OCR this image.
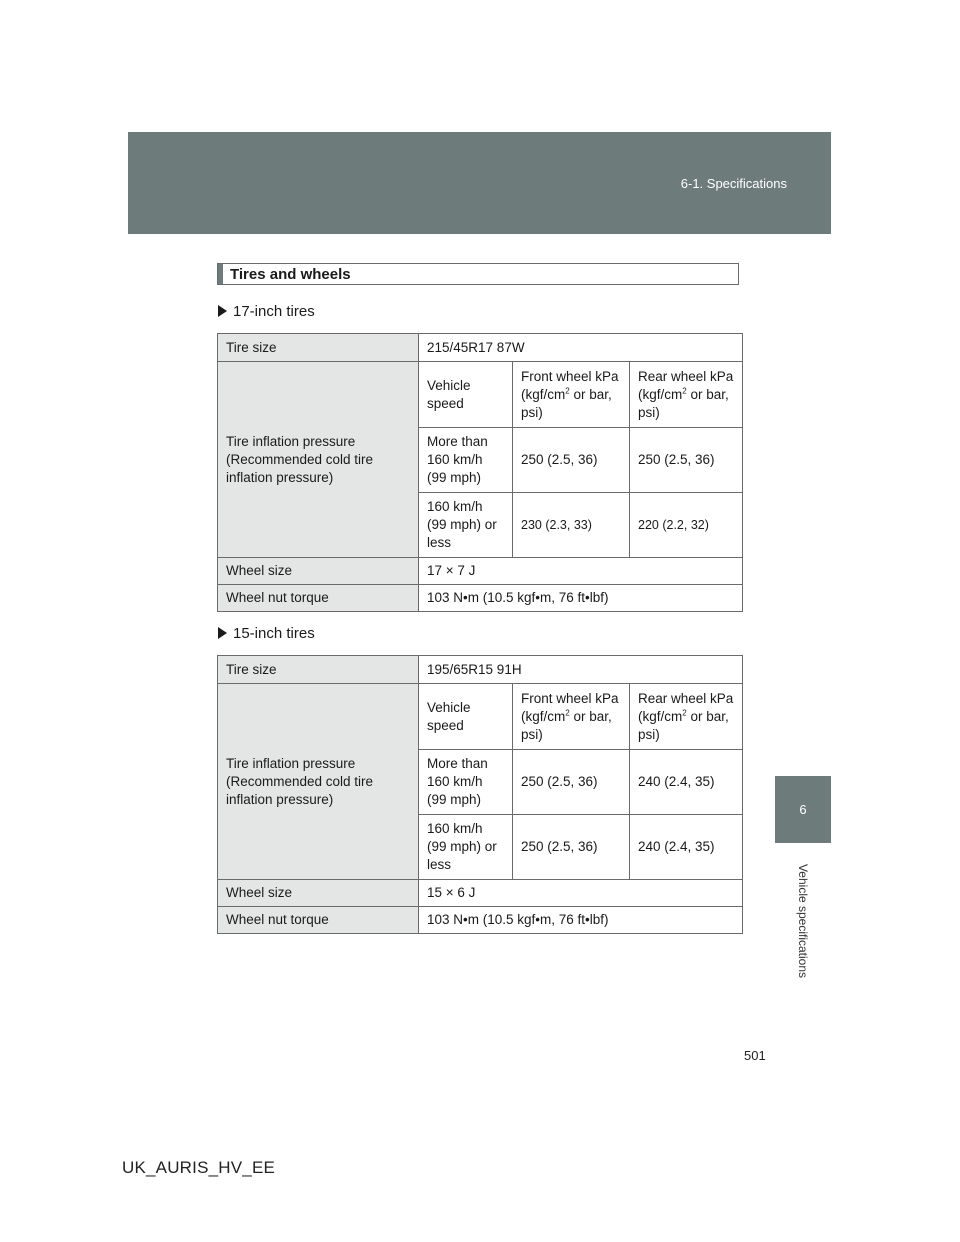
6-1. Specifications
6
Vehicle specifications
Tires and wheels
17-inch tires
Tire size	215/45R17 87W		
Tire inflation pressure (Recommended cold tire inflation pressure)	Vehicle speed	Front wheel kPa ($kgf/cm^2$ or bar, psi)	Rear wheel kPa ($kgf/cm^2$ or bar, psi)
	More than 160 km/h (99 mph)	250 (2.5, 36)	250 (2.5, 36)
	160 km/h (99 mph) or less	230 (2.3, 33)	220 (2.2, 32)
Wheel size	17 × 7 J		
Wheel nut torque	103 N•m (10.5 kgf•m, 76 ft•lbf)		
15-inch tires
Tire size	195/65R15 91H		
Tire inflation pressure (Recommended cold tire inflation pressure)	Vehicle speed	Front wheel kPa ($kgf/cm^2$ or bar, psi)	Rear wheel kPa ($kgf/cm^2$ or bar, psi)
	More than 160 km/h (99 mph)	250 (2.5, 36)	240 (2.4, 35)
	160 km/h (99 mph) or less	250 (2.5, 36)	240 (2.4, 35)
Wheel size	15 × 6 J		
Wheel nut torque	103 N•m (10.5 kgf•m, 76 ft•lbf)		
501
UK_AURIS_HV_EE
